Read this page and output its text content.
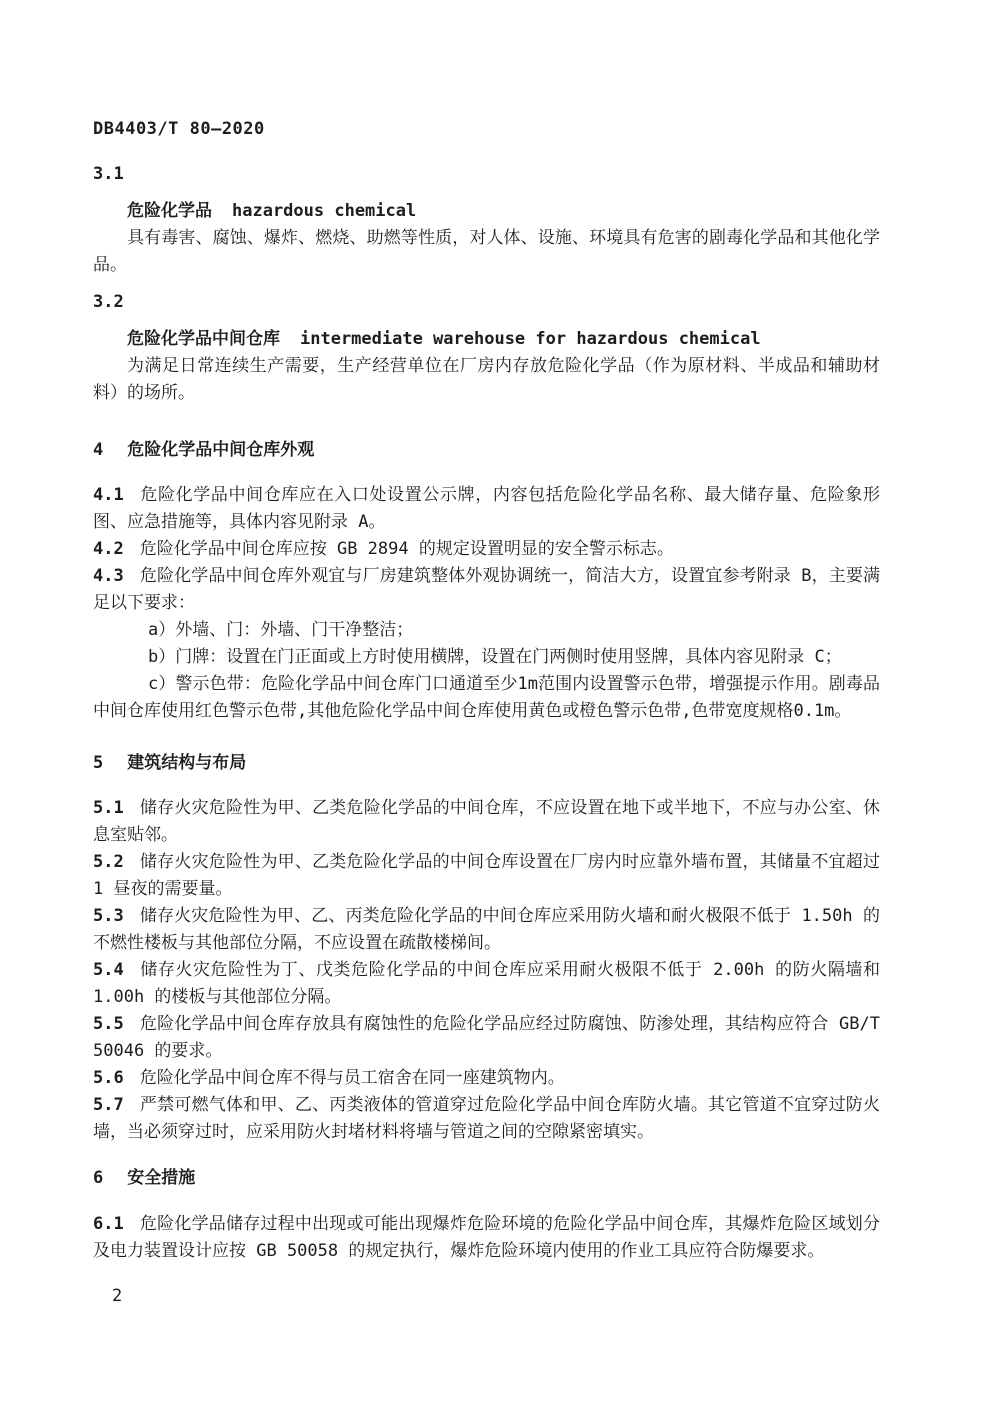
DB4403/T 80—2020
3.1

危险化学品 hazardous chemical

具有毒害、腐蚀、爆炸、燃烧、助燃等性质，对人体、设施、环境具有危害的剧毒化学品和其他化学品。

3.2

危险化学品中间仓库 intermediate warehouse for hazardous chemical

为满足日常连续生产需要，生产经营单位在厂房内存放危险化学品（作为原材料、半成品和辅助材料）的场所。

4 危险化学品中间仓库外观

4.1 危险化学品中间仓库应在入口处设置公示牌，内容包括危险化学品名称、最大储存量、危险象形图、应急措施等，具体内容见附录 A。

4.2 危险化学品中间仓库应按 GB 2894 的规定设置明显的安全警示标志。

4.3 危险化学品中间仓库外观宜与厂房建筑整体外观协调统一，简洁大方，设置宜参考附录 B，主要满足以下要求：

a）外墙、门：外墙、门干净整洁；

b）门牌：设置在门正面或上方时使用横牌，设置在门两侧时使用竖牌，具体内容见附录 C；

c）警示色带：危险化学品中间仓库门口通道至少1m范围内设置警示色带，增强提示作用。剧毒品中间仓库使用红色警示色带,其他危险化学品中间仓库使用黄色或橙色警示色带,色带宽度规格0.1m。

5 建筑结构与布局

5.1 储存火灾危险性为甲、乙类危险化学品的中间仓库，不应设置在地下或半地下，不应与办公室、休息室贴邻。

5.2 储存火灾危险性为甲、乙类危险化学品的中间仓库设置在厂房内时应靠外墙布置，其储量不宜超过 1 昼夜的需要量。

5.3 储存火灾危险性为甲、乙、丙类危险化学品的中间仓库应采用防火墙和耐火极限不低于 1.50h 的不燃性楼板与其他部位分隔，不应设置在疏散楼梯间。

5.4 储存火灾危险性为丁、戊类危险化学品的中间仓库应采用耐火极限不低于 2.00h 的防火隔墙和 1.00h 的楼板与其他部位分隔。

5.5 危险化学品中间仓库存放具有腐蚀性的危险化学品应经过防腐蚀、防渗处理，其结构应符合 GB/T 50046 的要求。

5.6 危险化学品中间仓库不得与员工宿舍在同一座建筑物内。

5.7 严禁可燃气体和甲、乙、丙类液体的管道穿过危险化学品中间仓库防火墙。其它管道不宜穿过防火墙，当必须穿过时，应采用防火封堵材料将墙与管道之间的空隙紧密填实。

6 安全措施

6.1 危险化学品储存过程中出现或可能出现爆炸危险环境的危险化学品中间仓库，其爆炸危险区域划分及电力装置设计应按 GB 50058 的规定执行，爆炸危险环境内使用的作业工具应符合防爆要求。

2
